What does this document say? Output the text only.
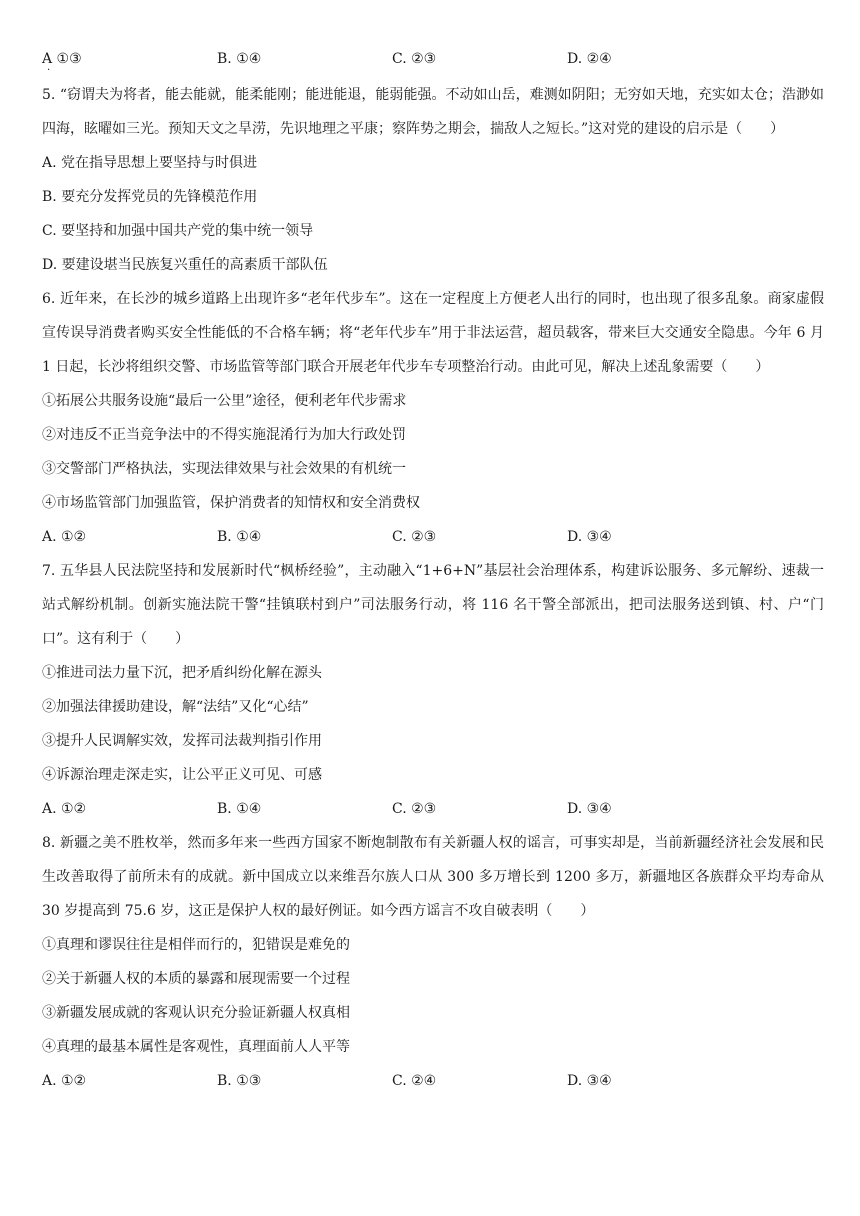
A ①③
·
B. ①④	C. ②③	D. ②④
5. “窃谓夫为将者，能去能就，能柔能刚；能进能退，能弱能强。不动如山岳，难测如阴阳；无穷如天地，充实如太仓；浩渺如四海，眩曜如三光。预知天文之旱涝，先识地理之平康；察阵势之期会，揣敌人之短长。”这对党的建设的启示是（　　）
A. 党在指导思想上要坚持与时俱进
B. 要充分发挥党员的先锋模范作用
C. 要坚持和加强中国共产党的集中统一领导
D. 要建设堪当民族复兴重任的高素质干部队伍
6. 近年来，在长沙的城乡道路上出现许多“老年代步车”。这在一定程度上方便老人出行的同时，也出现了很多乱象。商家虚假宣传误导消费者购买安全性能低的不合格车辆；将“老年代步车”用于非法运营，超员载客，带来巨大交通安全隐患。今年 6 月 1 日起，长沙将组织交警、市场监管等部门联合开展老年代步车专项整治行动。由此可见，解决上述乱象需要（　　）
①拓展公共服务设施“最后一公里”途径，便利老年代步需求
②对违反不正当竞争法中的不得实施混淆行为加大行政处罚
③交警部门严格执法，实现法律效果与社会效果的有机统一
④市场监管部门加强监管，保护消费者的知情权和安全消费权
A. ①②	B. ①④	C. ②③	D. ③④
7. 五华县人民法院坚持和发展新时代“枫桥经验”，主动融入“1+6+N”基层社会治理体系，构建诉讼服务、多元解纷、速裁一站式解纷机制。创新实施法院干警“挂镇联村到户”司法服务行动，将 116 名干警全部派出，把司法服务送到镇、村、户“门口”。这有利于（　　）
①推进司法力量下沉，把矛盾纠纷化解在源头
②加强法律援助建设，解“法结”又化“心结”
③提升人民调解实效，发挥司法裁判指引作用
④诉源治理走深走实，让公平正义可见、可感
A. ①②	B. ①④	C. ②③	D. ③④
8. 新疆之美不胜枚举，然而多年来一些西方国家不断炮制散布有关新疆人权的谣言，可事实却是，当前新疆经济社会发展和民生改善取得了前所未有的成就。新中国成立以来维吾尔族人口从 300 多万增长到 1200 多万，新疆地区各族群众平均寿命从 30 岁提高到 75.6 岁，这正是保护人权的最好例证。如今西方谣言不攻自破表明（　　）
①真理和谬误往往是相伴而行的，犯错误是难免的
②关于新疆人权的本质的暴露和展现需要一个过程
③新疆发展成就的客观认识充分验证新疆人权真相
④真理的最基本属性是客观性，真理面前人人平等
A. ①②	B. ①③	C. ②④	D. ③④
